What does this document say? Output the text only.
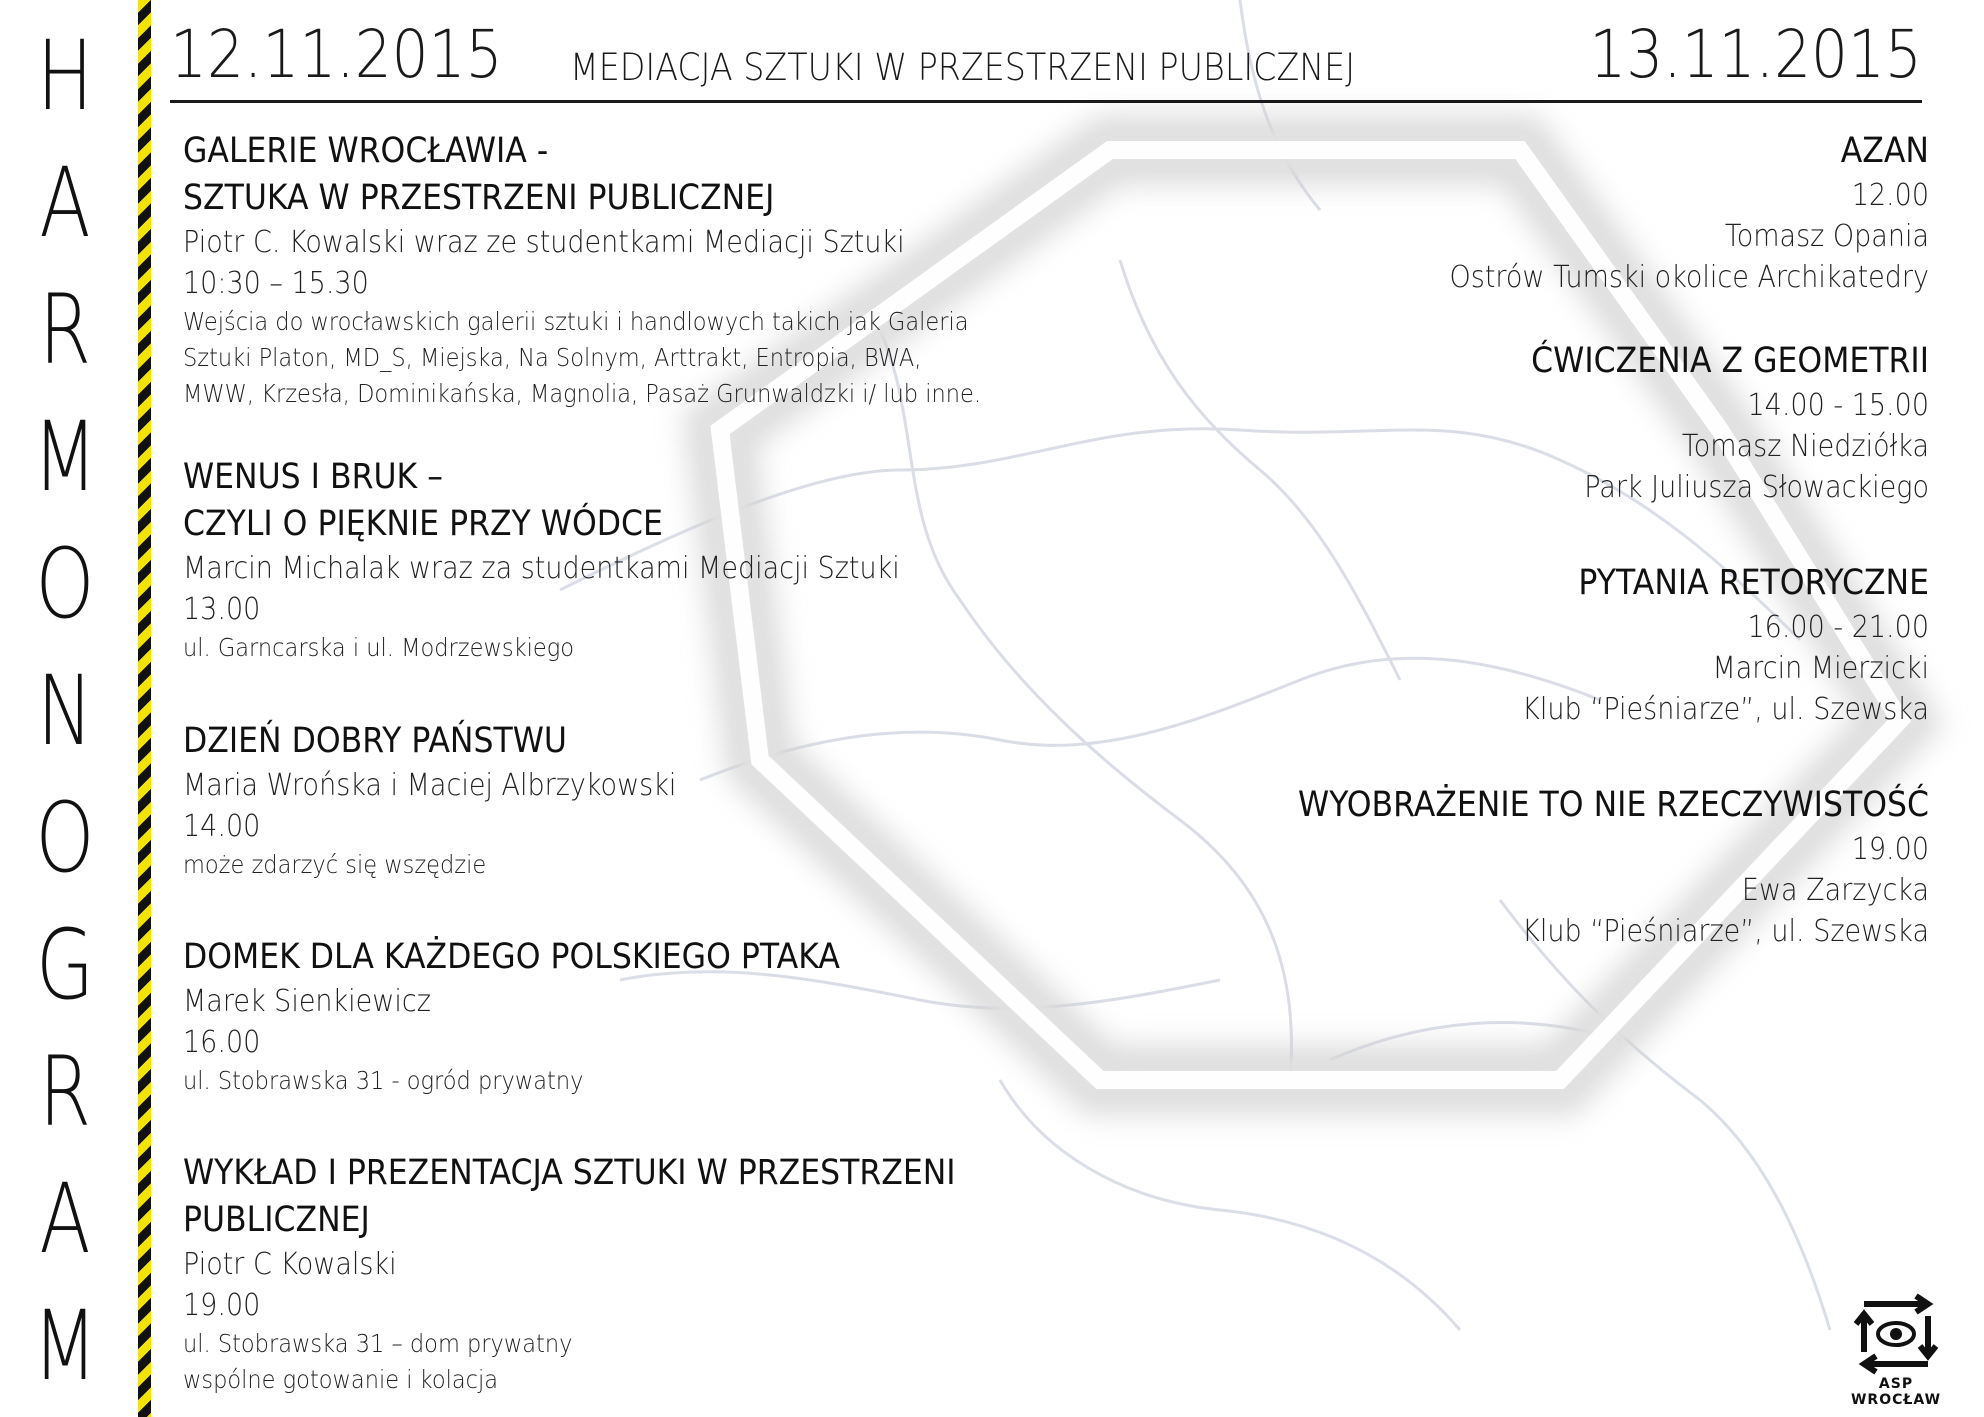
H
A
R
M
O
N
O
G
R
A
M
12.11.2015 MEDIACJA SZTUKI W PRZESTRZENI PUBLICZNEJ	13.11.2015
GALERIE WROCŁAWIA -
SZTUKA W PRZESTRZENI PUBLICZNEJ
Piotr C. Kowalski wraz ze studentkami Mediacji Sztuki
10:30 – 15.30
Wejścia do wrocławskich galerii sztuki i handlowych takich jak Galeria
Sztuki Platon, MD_S, Miejska, Na Solnym, Arttrakt, Entropia, BWA,
MWW, Krzesła, Dominikańska, Magnolia, Pasaż Grunwaldzki i/ lub inne.
WENUS I BRUK –
CZYLI O PIĘKNIE PRZY WÓDCE
Marcin Michalak wraz za studentkami Mediacji Sztuki
13.00
ul. Garncarska i ul. Modrzewskiego
DZIEŃ DOBRY PAŃSTWU
Maria Wrońska i Maciej Albrzykowski
14.00
może zdarzyć się wszędzie
DOMEK DLA KAŻDEGO POLSKIEGO PTAKA
Marek Sienkiewicz
16.00
ul. Stobrawska 31 - ogród prywatny
WYKŁAD I PREZENTACJA SZTUKI W PRZESTRZENI
PUBLICZNEJ
Piotr C Kowalski
19.00
ul. Stobrawska 31 – dom prywatny
wspólne gotowanie i kolacja
AZAN
12.00
Tomasz Opania
Ostrów Tumski okolice Archikatedry
ĆWICZENIA Z GEOMETRII
14.00 - 15.00
Tomasz Niedziółka
Park Juliusza Słowackiego
PYTANIA RETORYCZNE
16.00 - 21.00
Marcin Mierzicki
Klub “Pieśniarze”, ul. Szewska
WYOBRAŻENIE TO NIE RZECZYWISTOŚĆ
19.00
Ewa Zarzycka
Klub “Pieśniarze”, ul. Szewska
ASP WROCŁAW
